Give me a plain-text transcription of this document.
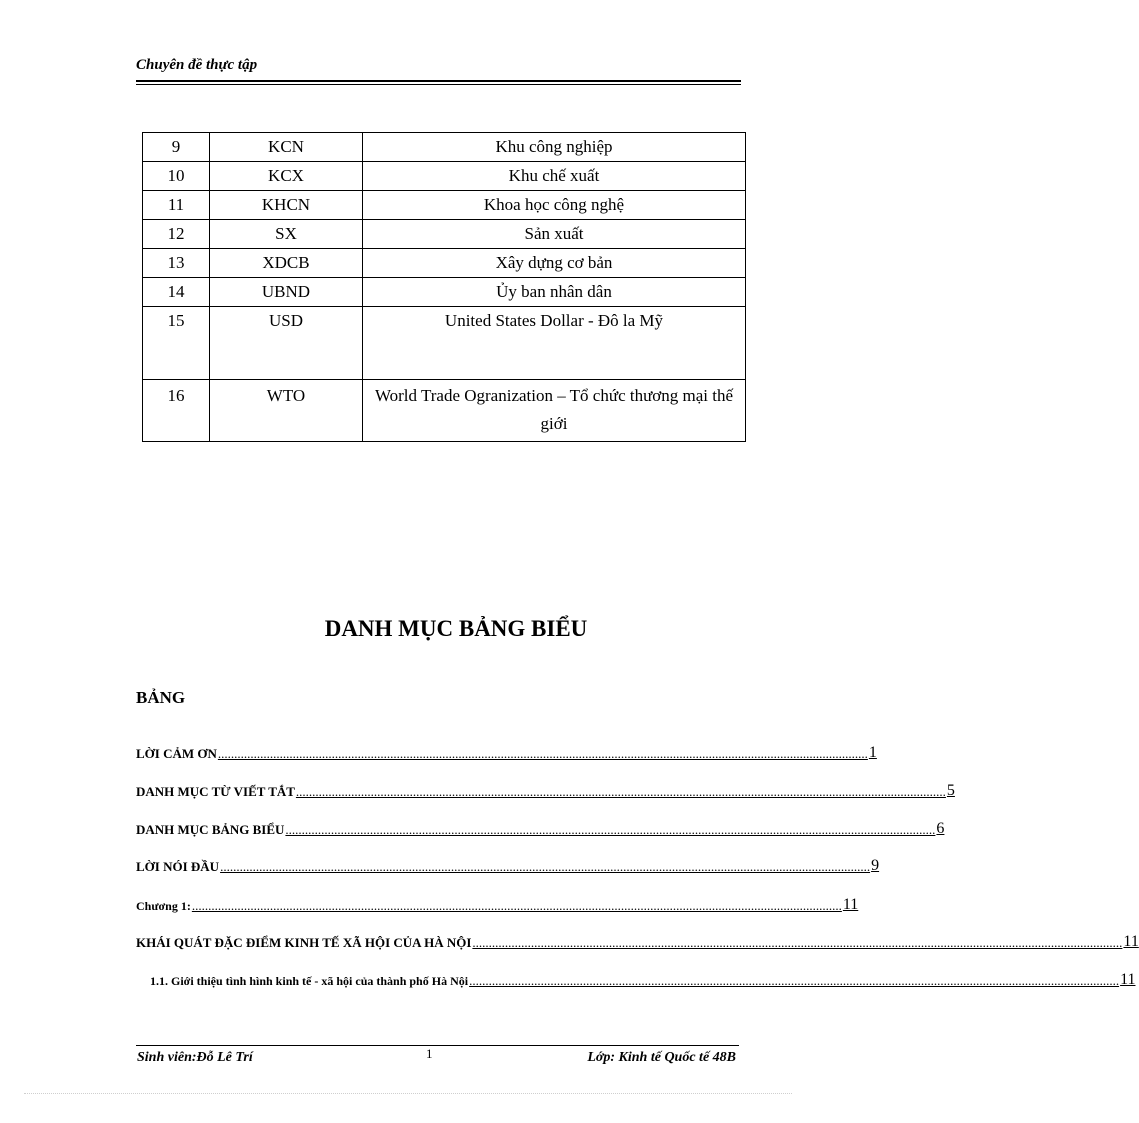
Chuyên đề thực tập
9	KCN	Khu công nghiệp
10	KCX	Khu chế xuất
11	KHCN	Khoa học công nghệ
12	SX	Sản xuất
13	XDCB	Xây dựng cơ bản
14	UBND	Ủy ban nhân dân
15	USD	United States Dollar - Đô la Mỹ
16	WTO	World Trade Ogranization – Tổ chức thương mại thế giới
DANH MỤC BẢNG BIỂU
BẢNG
LỜI CẢM ƠN ........................................................................................................................................................................................................ 1
DANH MỤC TỪ VIẾT TẮT ........................................................................................................................................................................................................ 5
DANH MỤC BẢNG BIỂU ........................................................................................................................................................................................................ 6
LỜI NÓI ĐẦU ........................................................................................................................................................................................................ 9
Chương 1: ........................................................................................................................................................................................................ 11
KHÁI QUÁT ĐẶC ĐIỂM KINH TẾ XÃ HỘI CỦA HÀ NỘI ........................................................................................................................................................................................................ 11
1.1. Giới thiệu tình hình kinh tế - xã hội của thành phố Hà Nội ........................................................................................................................................................................................................ 11
Sinh viên:Đỗ Lê Trí	1	Lớp: Kinh tế Quốc tế 48B
